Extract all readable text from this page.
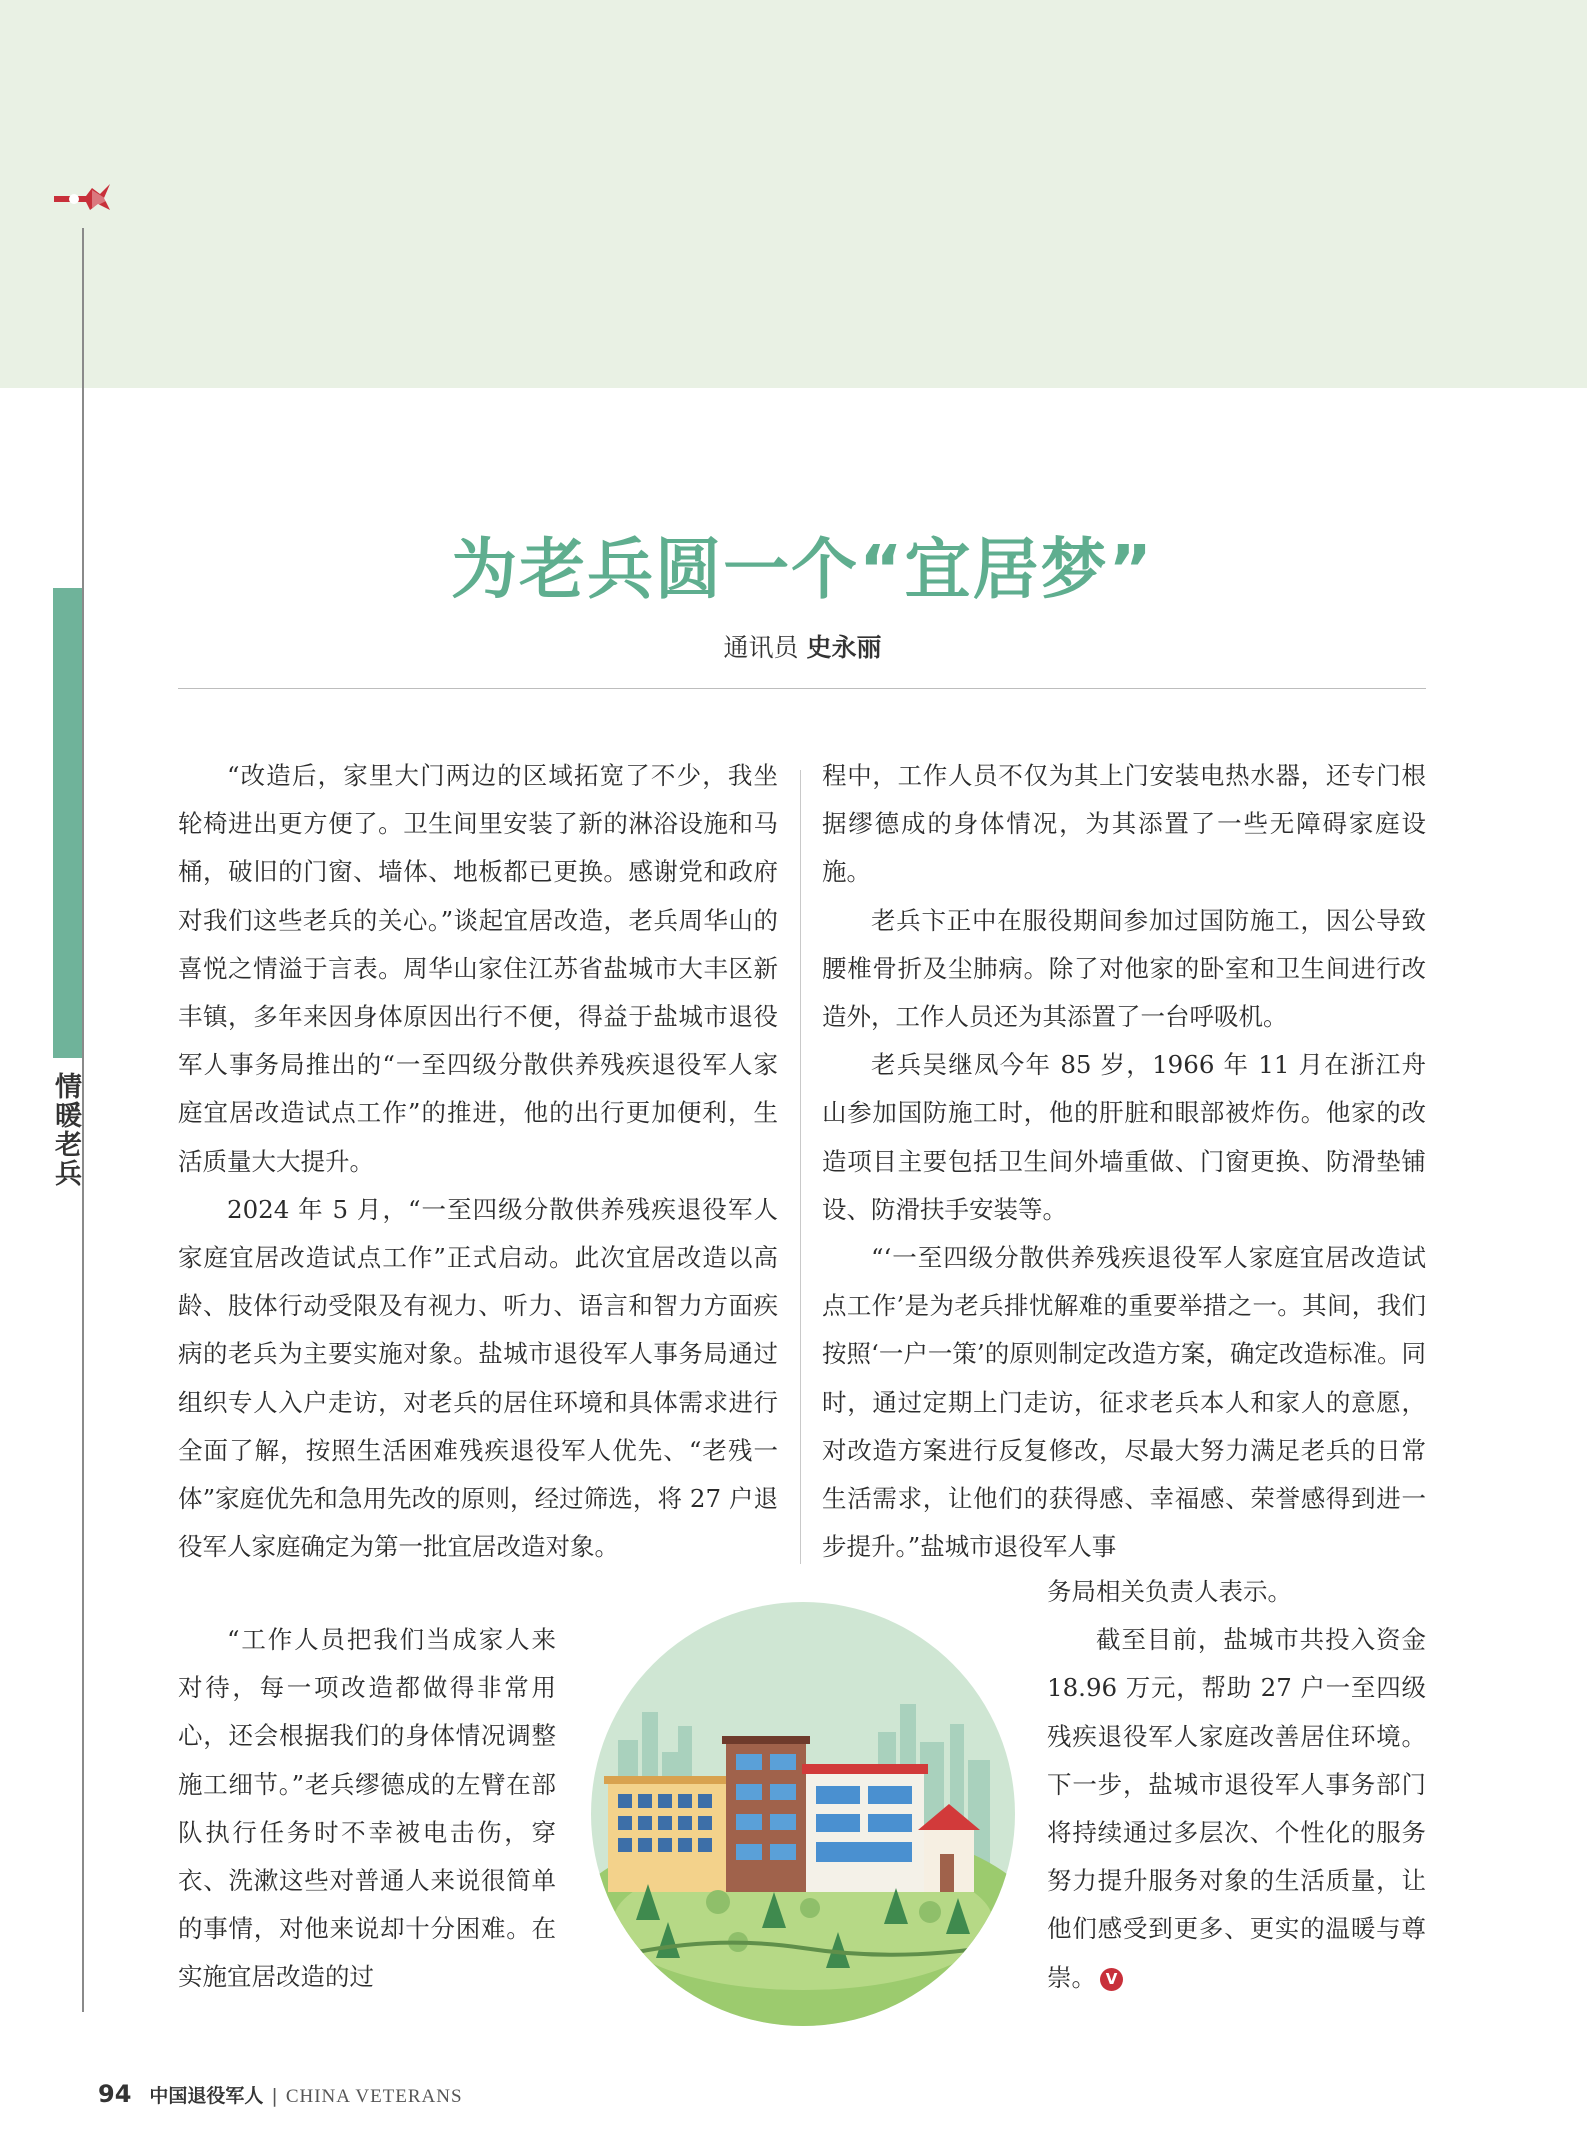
情暖老兵
为老兵圆一个“宜居梦”
通讯员 史永丽

“改造后，家里大门两边的区域拓宽了不少，我坐轮椅进出更方便了。卫生间里安装了新的淋浴设施和马桶，破旧的门窗、墙体、地板都已更换。感谢党和政府对我们这些老兵的关心。”谈起宜居改造，老兵周华山的喜悦之情溢于言表。周华山家住江苏省盐城市大丰区新丰镇，多年来因身体原因出行不便，得益于盐城市退役军人事务局推出的“一至四级分散供养残疾退役军人家庭宜居改造试点工作”的推进，他的出行更加便利，生活质量大大提升。

2024 年 5 月，“一至四级分散供养残疾退役军人家庭宜居改造试点工作”正式启动。此次宜居改造以高龄、肢体行动受限及有视力、听力、语言和智力方面疾病的老兵为主要实施对象。盐城市退役军人事务局通过组织专人入户走访，对老兵的居住环境和具体需求进行全面了解，按照生活困难残疾退役军人优先、“老残一体”家庭优先和急用先改的原则，经过筛选，将 27 户退役军人家庭确定为第一批宜居改造对象。

“工作人员把我们当成家人来对待，每一项改造都做得非常用心，还会根据我们的身体情况调整施工细节。”老兵缪德成的左臂在部队执行任务时不幸被电击伤，穿衣、洗漱这些对普通人来说很简单的事情，对他来说却十分困难。在实施宜居改造的过

程中，工作人员不仅为其上门安装电热水器，还专门根据缪德成的身体情况，为其添置了一些无障碍家庭设施。

老兵卞正中在服役期间参加过国防施工，因公导致腰椎骨折及尘肺病。除了对他家的卧室和卫生间进行改造外，工作人员还为其添置了一台呼吸机。

老兵吴继凤今年 85 岁，1966 年 11 月在浙江舟山参加国防施工时，他的肝脏和眼部被炸伤。他家的改造项目主要包括卫生间外墙重做、门窗更换、防滑垫铺设、防滑扶手安装等。

“‘一至四级分散供养残疾退役军人家庭宜居改造试点工作’是为老兵排忧解难的重要举措之一。其间，我们按照‘一户一策’的原则制定改造方案，确定改造标准。同时，通过定期上门走访，征求老兵本人和家人的意愿，对改造方案进行反复修改，尽最大努力满足老兵的日常生活需求，让他们的获得感、幸福感、荣誉感得到进一步提升。”盐城市退役军人事

务局相关负责人表示。

截至目前，盐城市共投入资金 18.96 万元，帮助 27 户一至四级残疾退役军人家庭改善居住环境。下一步，盐城市退役军人事务部门将持续通过多层次、个性化的服务努力提升服务对象的生活质量，让他们感受到更多、更实的温暖与尊崇。 V

94 中国退役军人 | CHINA VETERANS
